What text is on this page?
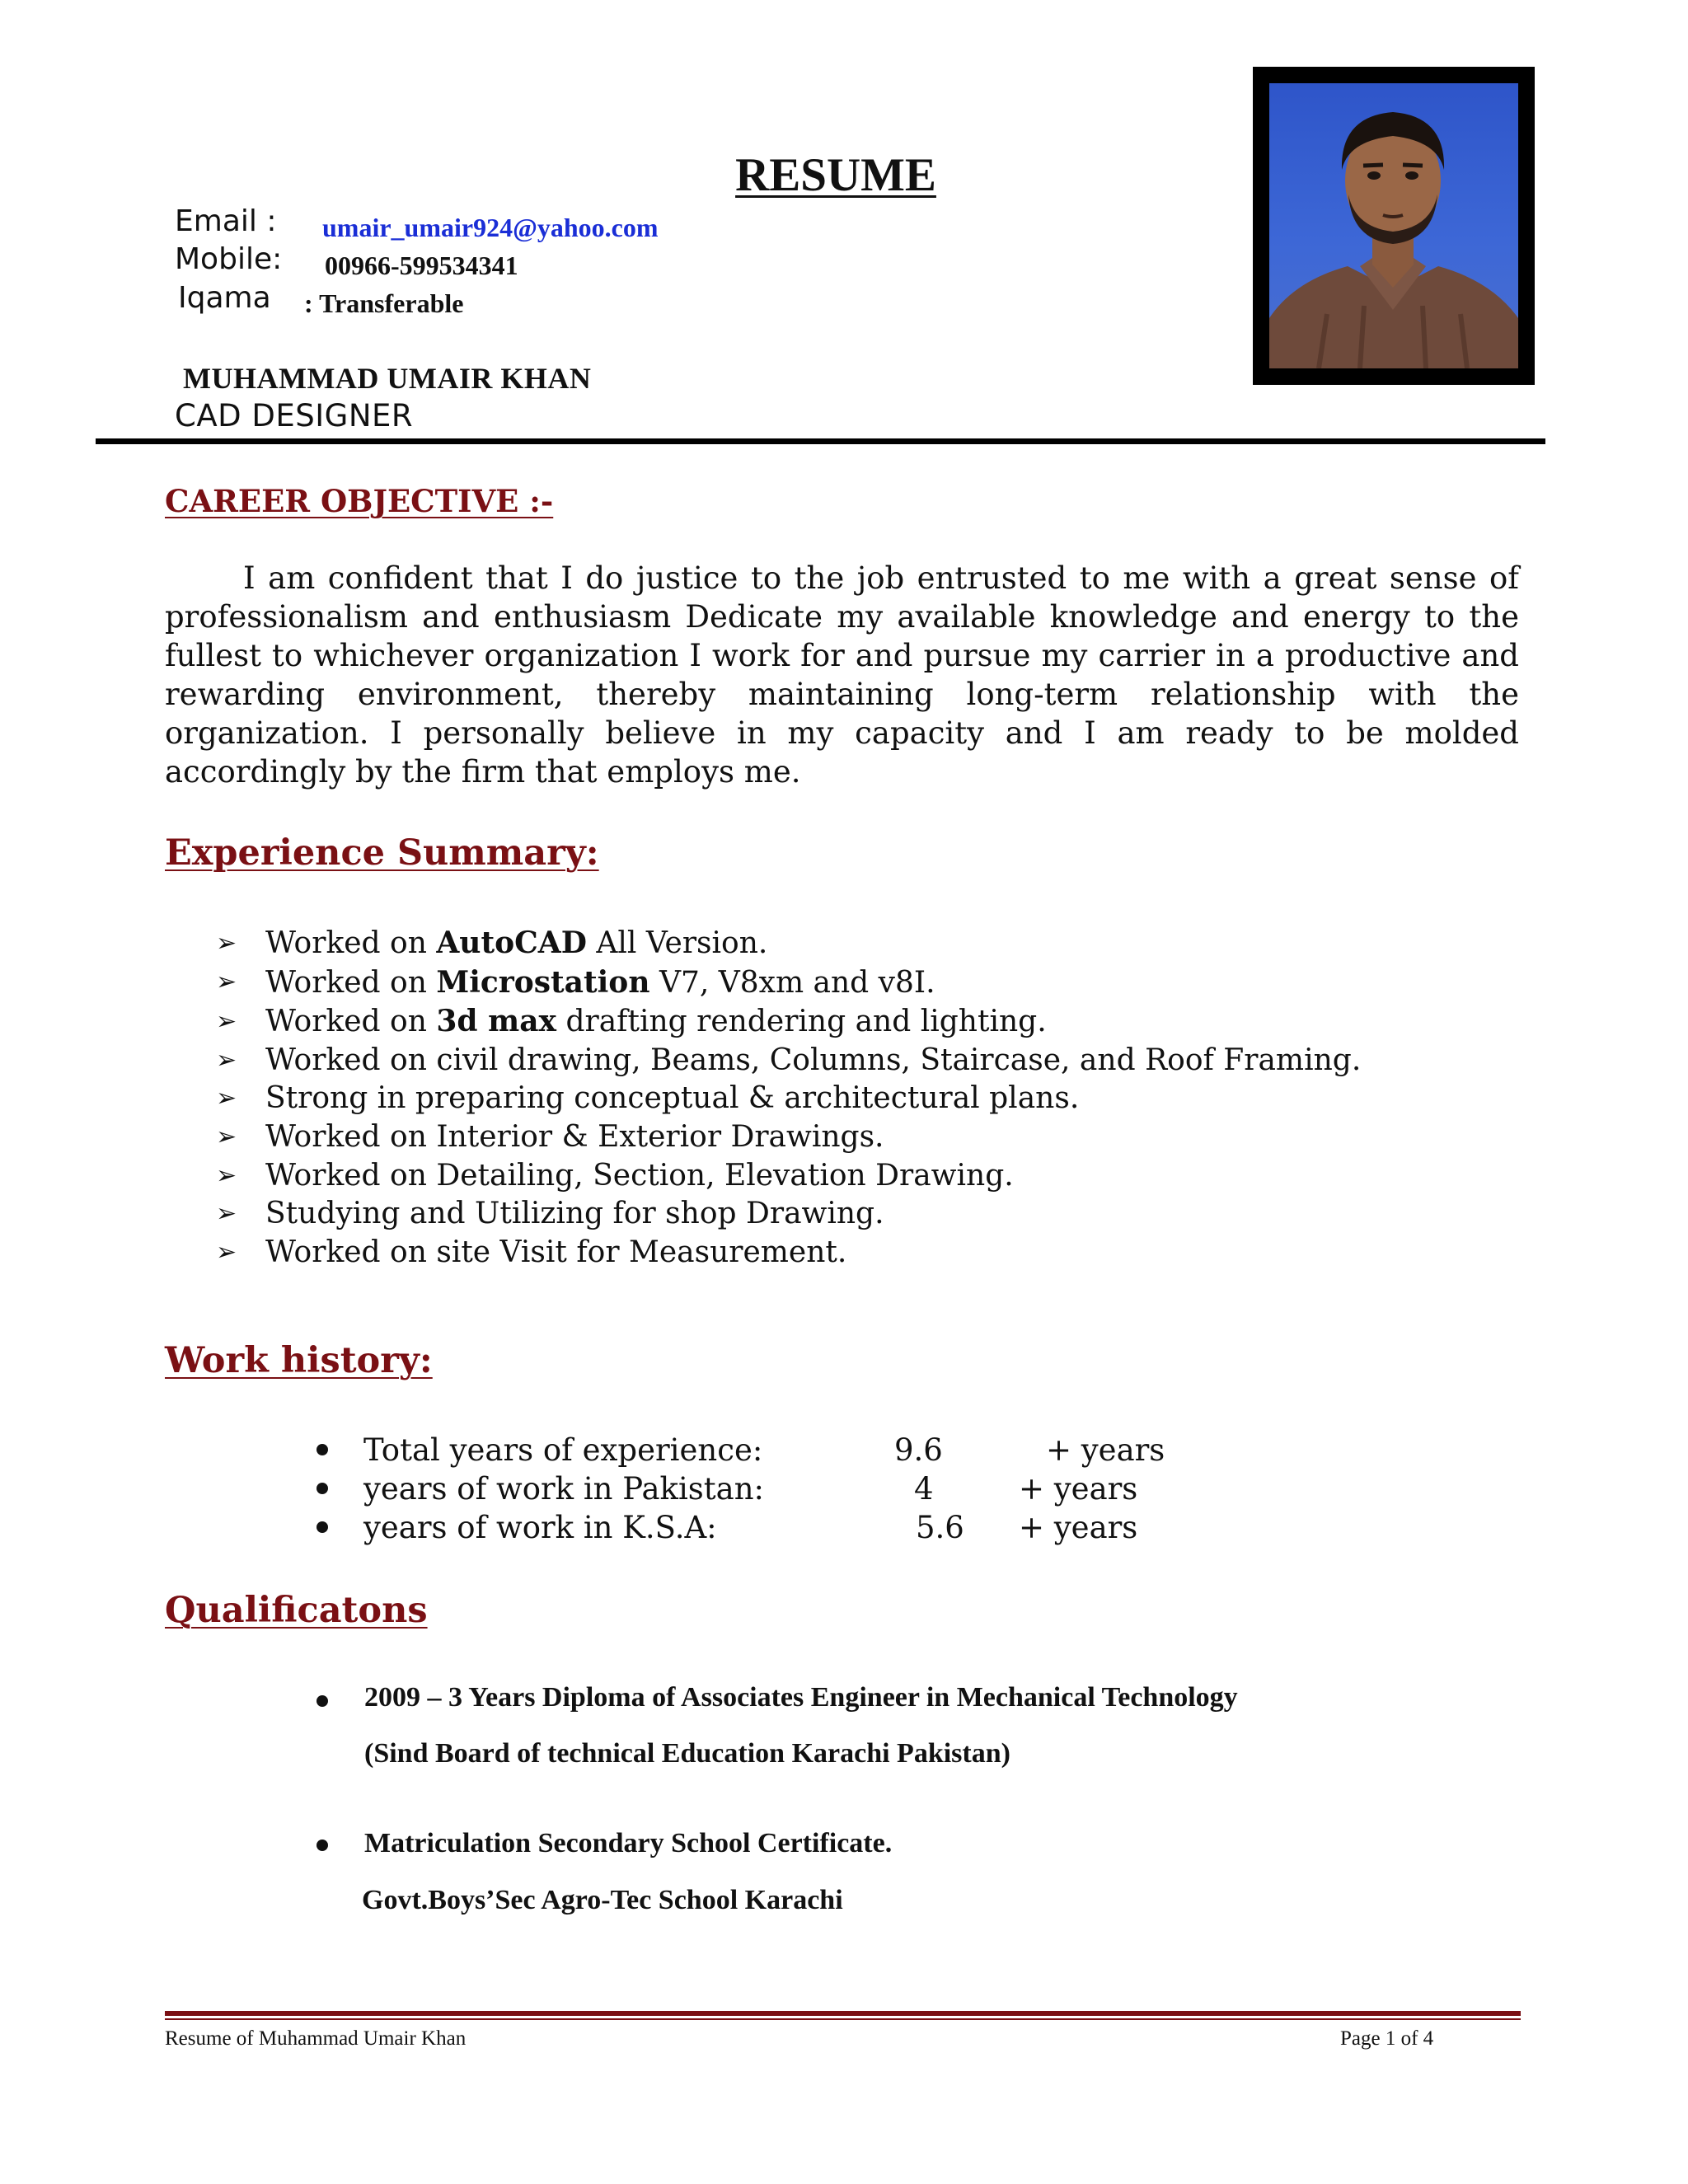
RESUME
Email : umair_umair924@yahoo.com
Mobile: 00966-599534341
Iqama : Transferable
MUHAMMAD UMAIR KHAN
CAD DESIGNER
CAREER OBJECTIVE :-

I am confident that I do justice to the job entrusted to me with a great sense of professionalism and enthusiasm Dedicate my available knowledge and energy to the fullest to whichever organization I work for and pursue my carrier in a productive and rewarding environment, thereby maintaining long-term relationship with the organization. I personally believe in my capacity and I am ready to be molded accordingly by the firm that employs me.

Experience Summary:
➢ Worked on AutoCAD All Version.
➢ Worked on Microstation V7, V8xm and v8I.
➢ Worked on 3d max drafting rendering and lighting.
➢ Worked on civil drawing, Beams, Columns, Staircase, and Roof Framing.
➢ Strong in preparing conceptual & architectural plans.
➢ Worked on Interior & Exterior Drawings.
➢ Worked on Detailing, Section, Elevation Drawing.
➢ Studying and Utilizing for shop Drawing.
➢ Worked on site Visit for Measurement.
Work history:
Total years of experience:	9.6	+ years
years of work in Pakistan:	4	+ years
years of work in K.S.A:	5.6 + years
Qualificatons
2009 – 3 Years Diploma of Associates Engineer in Mechanical Technology
(Sind Board of technical Education Karachi Pakistan)
Matriculation Secondary School Certificate.
Govt.Boys’Sec Agro-Tec School Karachi
Resume of Muhammad Umair Khan	Page 1 of 4
